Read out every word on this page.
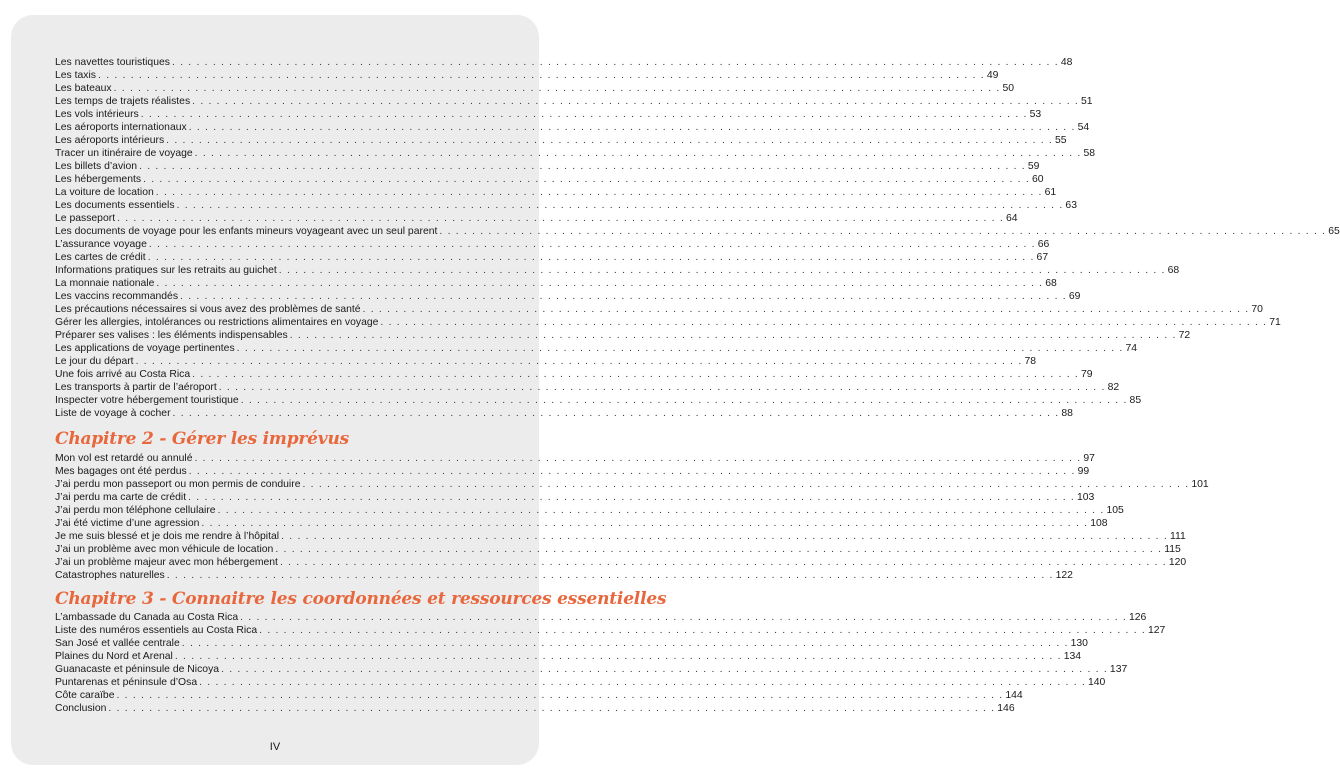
Les navettes touristiques . . .	48
Les taxis . . .	49
Les bateaux . . .	50
Les temps de trajets réalistes . . .	51
Les vols intérieurs . . .	53
Les aéroports internationaux . . .	54
Les aéroports intérieurs . . .	55
Tracer un itinéraire de voyage . . .	58
Les billets d’avion . . .	59
Les hébergements . . .	60
La voiture de location . . .	61
Les documents essentiels . . .	63
Le passeport . . .	64
Les documents de voyage pour les enfants mineurs voyageant avec un seul parent . . .	65
L’assurance voyage . . .	66
Les cartes de crédit . . .	67
Informations pratiques sur les retraits au guichet . . .	68
La monnaie nationale . . .	68
Les vaccins recommandés . . .	69
Les précautions nécessaires si vous avez des problèmes de santé . . .	70
Gérer les allergies, intolérances ou restrictions alimentaires en voyage . . .	71
Préparer ses valises : les éléments indispensables . . .	72
Les applications de voyage pertinentes . . .	74
Le jour du départ . . .	78
Une fois arrivé au Costa Rica . . .	79
Les transports à partir de l’aéroport . . .	82
Inspecter votre hébergement touristique . . .	85
Liste de voyage à cocher . . .	88
Chapitre 2 - Gérer les imprévus
Mon vol est retardé ou annulé . . .	97
Mes bagages ont été perdus . . .	99
J’ai perdu mon passeport ou mon permis de conduire . . .	101
J’ai perdu ma carte de crédit . . .	103
J’ai perdu mon téléphone cellulaire . . .	105
J’ai été victime d’une agression . . .	108
Je me suis blessé et je dois me rendre à l’hôpital . . .	111
J’ai un problème avec mon véhicule de location . . .	115
J’ai un problème majeur avec mon hébergement . . .	120
Catastrophes naturelles . . .	122
Chapitre 3 - Connaitre les coordonnées et ressources essentielles
L’ambassade du Canada au Costa Rica . . .	126
Liste des numéros essentiels au Costa Rica . . .	127
San José et vallée centrale . . .	130
Plaines du Nord et Arenal . . .	134
Guanacaste et péninsule de Nicoya . . .	137
Puntarenas et péninsule d’Osa . . .	140
Côte caraïbe . . .	144
Conclusion . . .	146
IV
